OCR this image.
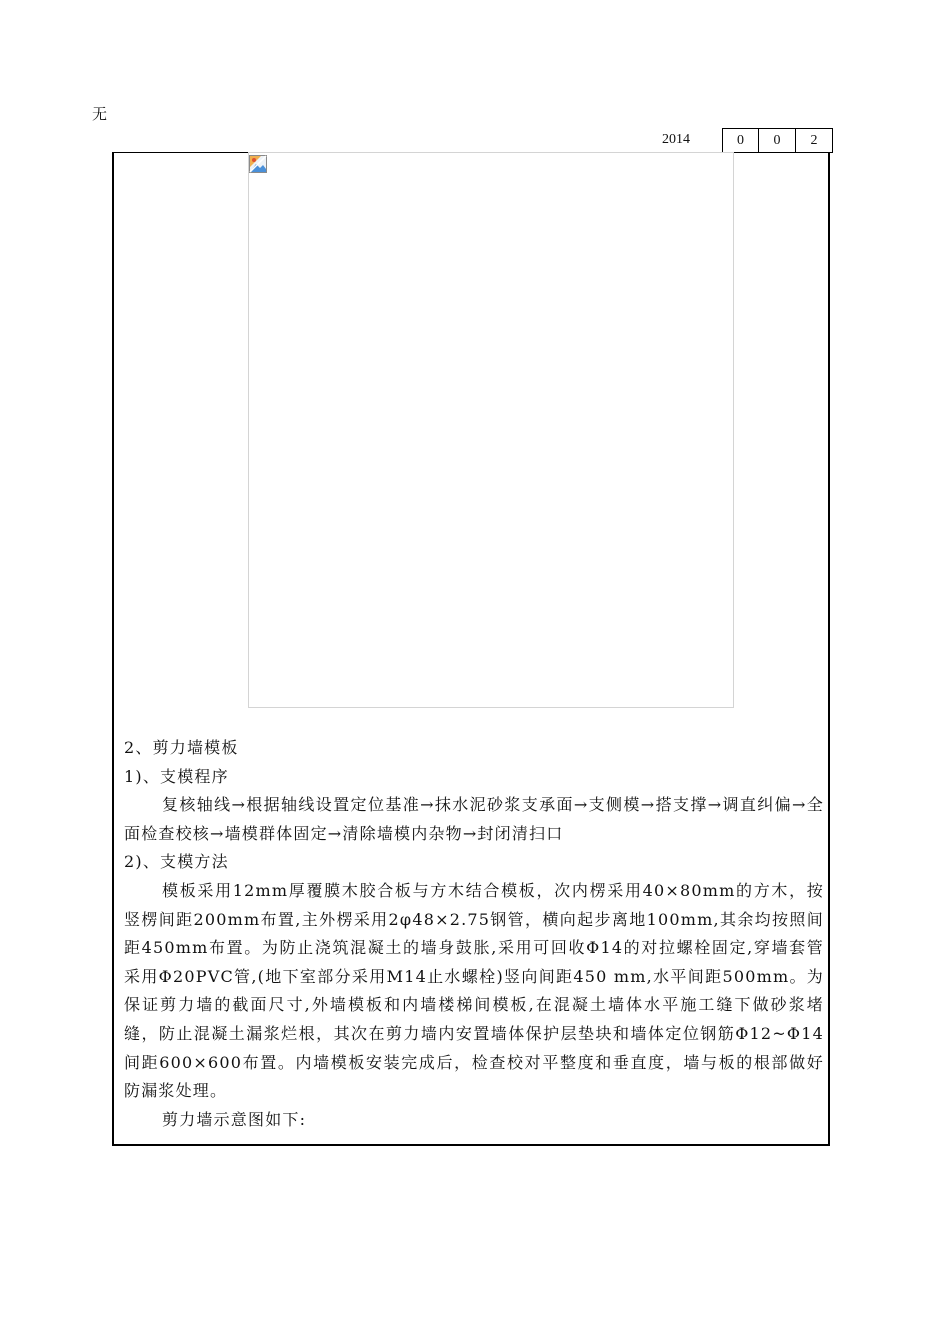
无
2014	0	0	2

2、剪力墙模板

1)、支模程序

复核轴线→根据轴线设置定位基准→抹水泥砂浆支承面→支侧模→搭支撑→调直纠偏→全面检查校核→墙模群体固定→清除墙模内杂物→封闭清扫口

2)、支模方法

模板采用12mm厚覆膜木胶合板与方木结合模板，次内楞采用40×80mm的方木，按竖楞间距200mm布置,主外楞采用2φ48×2.75钢管，横向起步离地100mm,其余均按照间距450mm布置。为防止浇筑混凝土的墙身鼓胀,采用可回收Φ14的对拉螺栓固定,穿墙套管采用Φ20PVC管,(地下室部分采用M14止水螺栓)竖向间距450 mm,水平间距500mm。为保证剪力墙的截面尺寸,外墙模板和内墙楼梯间模板,在混凝土墙体水平施工缝下做砂浆堵缝，防止混凝土漏浆烂根，其次在剪力墙内安置墙体保护层垫块和墙体定位钢筋Φ12~Φ14间距600×600布置。内墙模板安装完成后，检查校对平整度和垂直度，墙与板的根部做好防漏浆处理。

剪力墙示意图如下:
